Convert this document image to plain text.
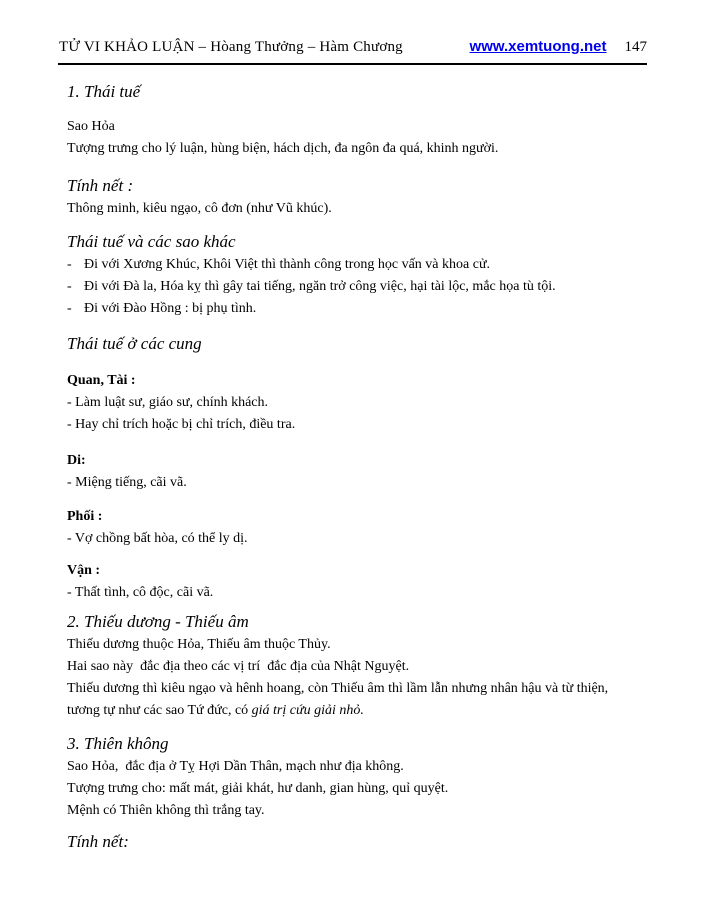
TỬ VI KHẢO LUẬN – Hòang Thưởng – Hàm Chương	www.xemtuong.net 147
1. Thái tuế

Sao Hỏa

Tượng trưng cho lý luận, hùng biện, hách dịch, đa ngôn đa quá, khinh người.

Tính nết :

Thông minh, kiêu ngạo, cô đơn (như Vũ khúc).

Thái tuế và các sao khác
- Đi với Xương Khúc, Khôi Việt thì thành công trong học vấn và khoa cử.
- Đi với Đà la, Hóa kỵ thì gây tai tiếng, ngăn trở công việc, hại tài lộc, mắc họa tù tội.
- Đi với Đào Hồng : bị phụ tình.
Thái tuế ở các cung

Quan, Tài :

- Làm luật sư, giáo sư, chính khách.

- Hay chỉ trích hoặc bị chỉ trích, điều tra.

Di:

- Miệng tiếng, cãi vã.

Phối :

- Vợ chồng bất hòa, có thể ly dị.

Vận :

- Thất tình, cô độc, cãi vã.

2. Thiếu dương - Thiếu âm

Thiếu dương thuộc Hỏa, Thiếu âm thuộc Thủy.

Hai sao này  đắc địa theo các vị trí  đắc địa của Nhật Nguyệt.

Thiếu dương thì kiêu ngạo và hênh hoang, còn Thiếu âm thì lầm lẫn nhưng nhân hậu và từ thiện,

tương tự như các sao Tứ đức, có giá trị cứu giải nhỏ.

3. Thiên không

Sao Hỏa,  đắc địa ở Tỵ Hợi Dần Thân, mạch như địa không.

Tượng trưng cho: mất mát, giải khát, hư danh, gian hùng, quỉ quyệt.

Mệnh có Thiên không thì trắng tay.

Tính nết:
